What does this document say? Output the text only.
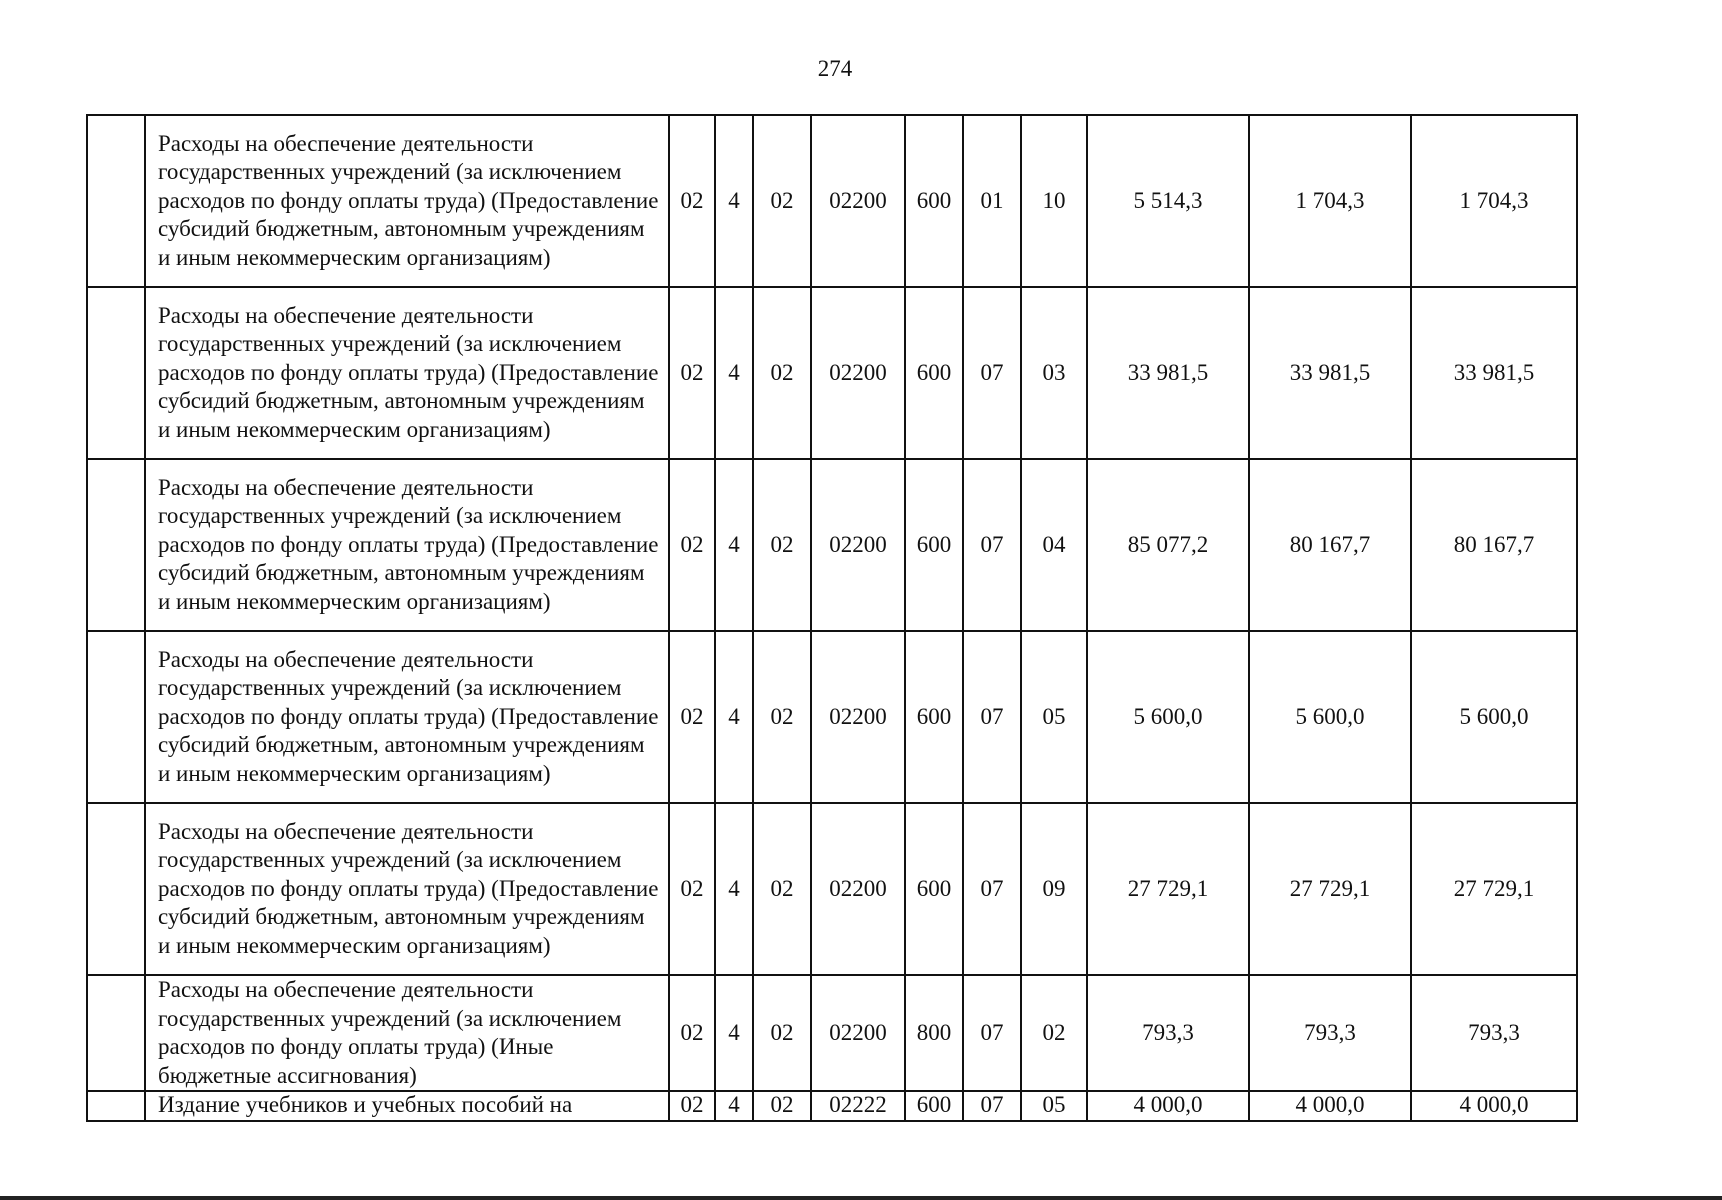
274
	Расходы на обеспечение деятельности государственных учреждений (за исключением расходов по фонду оплаты труда) (Предоставление субсидий бюджетным, автономным учреждениям и иным некоммерческим организациям)	02	4	02	02200	600	01	10	5 514,3	1 704,3	1 704,3
	Расходы на обеспечение деятельности государственных учреждений (за исключением расходов по фонду оплаты труда) (Предоставление субсидий бюджетным, автономным учреждениям и иным некоммерческим организациям)	02	4	02	02200	600	07	03	33 981,5	33 981,5	33 981,5
	Расходы на обеспечение деятельности государственных учреждений (за исключением расходов по фонду оплаты труда) (Предоставление субсидий бюджетным, автономным учреждениям и иным некоммерческим организациям)	02	4	02	02200	600	07	04	85 077,2	80 167,7	80 167,7
	Расходы на обеспечение деятельности государственных учреждений (за исключением расходов по фонду оплаты труда) (Предоставление субсидий бюджетным, автономным учреждениям и иным некоммерческим организациям)	02	4	02	02200	600	07	05	5 600,0	5 600,0	5 600,0
	Расходы на обеспечение деятельности государственных учреждений (за исключением расходов по фонду оплаты труда) (Предоставление субсидий бюджетным, автономным учреждениям и иным некоммерческим организациям)	02	4	02	02200	600	07	09	27 729,1	27 729,1	27 729,1
	Расходы на обеспечение деятельности государственных учреждений (за исключением расходов по фонду оплаты труда) (Иные бюджетные ассигнования)	02	4	02	02200	800	07	02	793,3	793,3	793,3
	Издание учебников и учебных пособий на	02	4	02	02222	600	07	05	4 000,0	4 000,0	4 000,0
